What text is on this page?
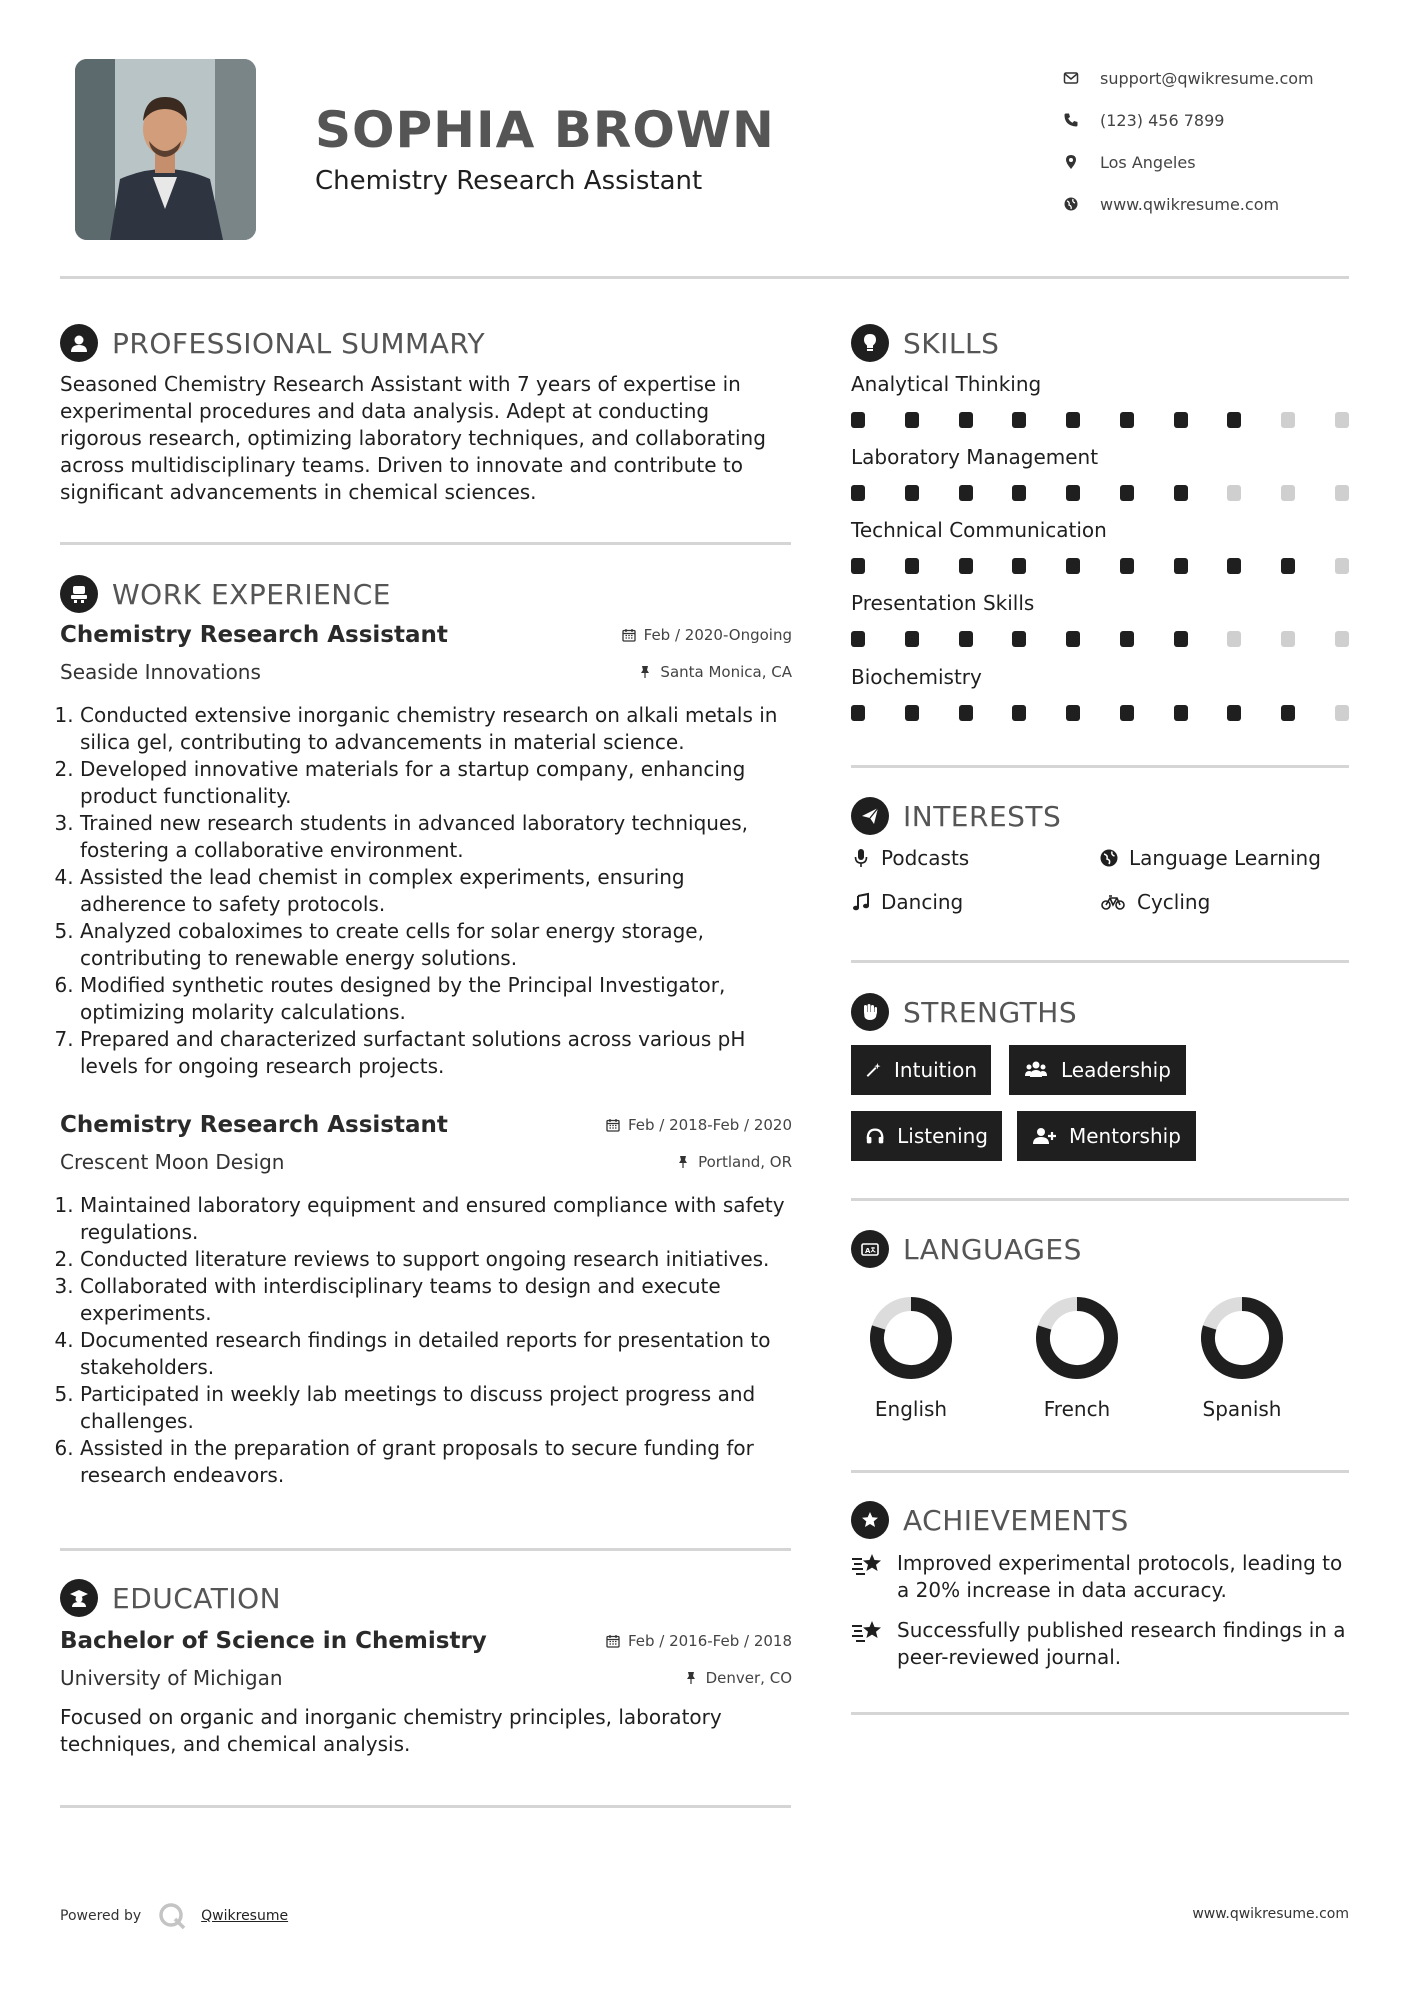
SOPHIA BROWN
Chemistry Research Assistant
support@qwikresume.com
(123) 456 7899
Los Angeles
www.qwikresume.com
PROFESSIONAL SUMMARY

Seasoned Chemistry Research Assistant with 7 years of expertise in experimental procedures and data analysis. Adept at conducting rigorous research, optimizing laboratory techniques, and collaborating across multidisciplinary teams. Driven to innovate and contribute to significant advancements in chemical sciences.

WORK EXPERIENCE
Chemistry Research Assistant	Feb / 2020-Ongoing
Seaside Innovations	Santa Monica, CA
1. Conducted extensive inorganic chemistry research on alkali metals in silica gel, contributing to advancements in material science.
2. Developed innovative materials for a startup company, enhancing product functionality.
3. Trained new research students in advanced laboratory techniques, fostering a collaborative environment.
4. Assisted the lead chemist in complex experiments, ensuring adherence to safety protocols.
5. Analyzed cobaloximes to create cells for solar energy storage, contributing to renewable energy solutions.
6. Modified synthetic routes designed by the Principal Investigator, optimizing molarity calculations.
7. Prepared and characterized surfactant solutions across various pH levels for ongoing research projects.
Chemistry Research Assistant	Feb / 2018-Feb / 2020
Crescent Moon Design	Portland, OR
1. Maintained laboratory equipment and ensured compliance with safety regulations.
2. Conducted literature reviews to support ongoing research initiatives.
3. Collaborated with interdisciplinary teams to design and execute experiments.
4. Documented research findings in detailed reports for presentation to stakeholders.
5. Participated in weekly lab meetings to discuss project progress and challenges.
6. Assisted in the preparation of grant proposals to secure funding for research endeavors.
EDUCATION
Bachelor of Science in Chemistry	Feb / 2016-Feb / 2018
University of Michigan	Denver, CO

Focused on organic and inorganic chemistry principles, laboratory techniques, and chemical analysis.

SKILLS
Analytical Thinking
Laboratory Management
Technical Communication
Presentation Skills
Biochemistry
INTERESTS
Podcasts	Language Learning
Dancing	Cycling
STRENGTHS
Intuition	Leadership
Listening	Mentorship
A LANGUAGES
English	French	Spanish
ACHIEVEMENTS
Improved experimental protocols, leading to a 20% increase in data accuracy.
Successfully published research findings in a peer-reviewed journal.
Powered by	Qwikresume	www.qwikresume.com
